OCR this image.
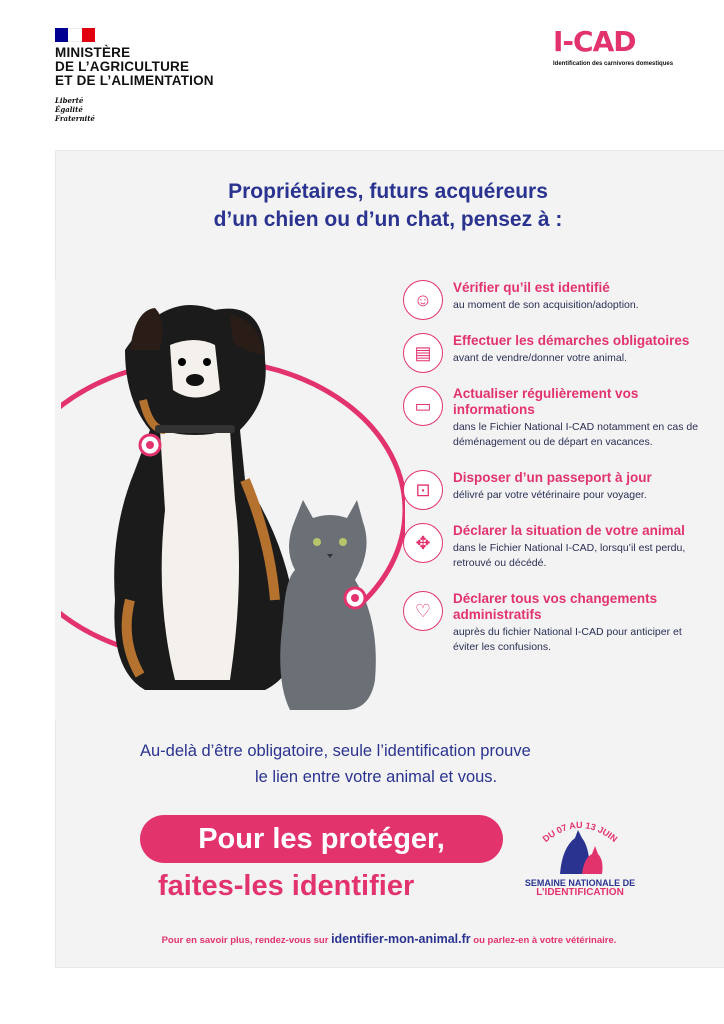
MINISTÈRE
DE L’AGRICULTURE
ET DE L’ALIMENTATION
Liberté
Égalité
Fraternité
I-CAD
Identification des carnivores domestiques
Propriétaires, futurs acquéreurs
d’un chien ou d’un chat, pensez à :
☺
Vérifier qu’il est identifié
au moment de son acquisition/adoption.
▤
Effectuer les démarches obligatoires
avant de vendre/donner votre animal.
▭
Actualiser régulièrement vos informations
dans le Fichier National I-CAD notamment en cas de déménagement ou de départ en vacances.
⊡
Disposer d’un passeport à jour
délivré par votre vétérinaire pour voyager.
✥
Déclarer la situation de votre animal
dans le Fichier National I-CAD, lorsqu’il est perdu, retrouvé ou décédé.
♡
Déclarer tous vos changements administratifs
auprès du fichier National I-CAD pour anticiper et éviter les confusions.
Au-delà d’être obligatoire, seule l’identification prouve
le lien entre votre animal et vous.
Pour les protéger,
faites-les identifier
DU 07 AU 13 JUIN
SEMAINE NATIONALE DE
L’IDENTIFICATION
Pour en savoir plus, rendez-vous sur identifier-mon-animal.fr ou parlez-en à votre vétérinaire.
